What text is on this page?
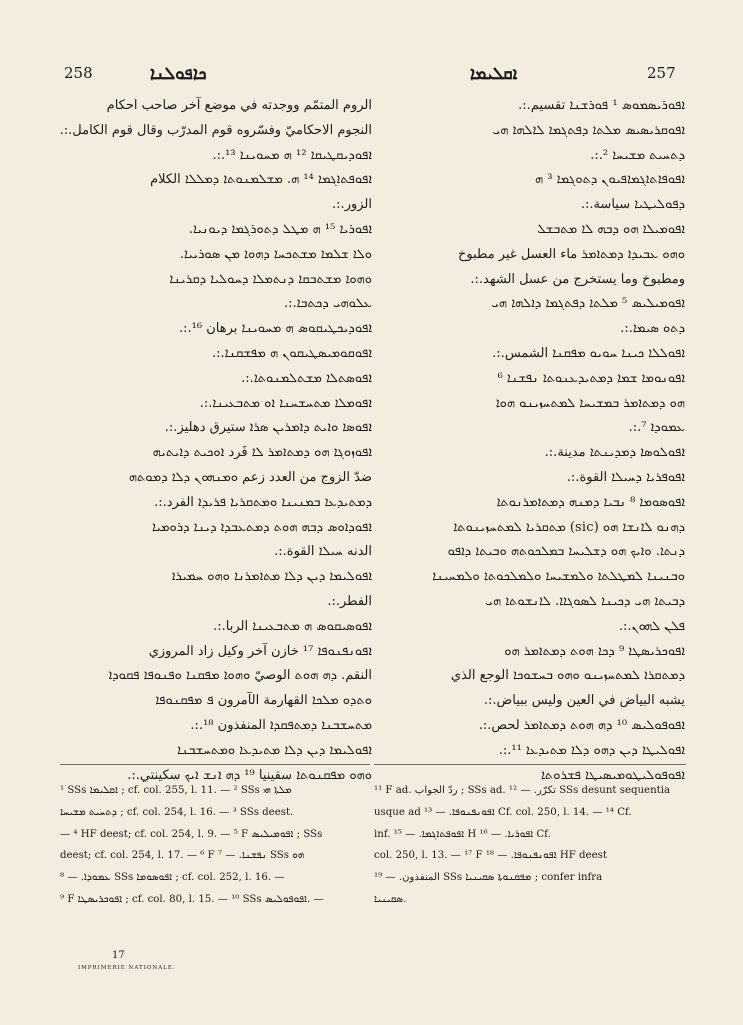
258	ܟܐܦܘܠܢܐ	ܐܩܠܝܡܐ	257
الروم المتمّم ووجدته في موضع آخر صاحب احكام
النجوم الاحكاميّ وفسّروه قوم المدرّب وقال قوم الكامل.:.
ܐܦܘܕܝܩܛܝܩܐ ¹² ܗ ܡܚܘܝܢܐ ¹³.:.
ܐܦܘܦܬܐܓܡܐ ¹⁴ ܗ. ܡܫܠܡܢܘܬܐ ܕܡܠܠܐ الكلام
الزور.:.
ܐܦܘܪܝܐ ¹⁵ ܗ ܡܛܠ ܕܬܘܪܓܡܐ ܕܝܘܢܝܐ.
ܘܠܐ ܫܠܡܐ ܡܫܬܟܚܐ ܕܗܘܐ ܡܢ ܣܘܪܝܝܐ.
ܘܗܘܐ ܡܫܬܒܩܐ ܕܢܬܡܠܐ ܕܚܘܠܝܐ ܕܩܪܝܢܐ
ܥܠܘܗܝ ܕܟܬܒܐ.:.
ܐܦܘܕܝܟܛܝܩܘܣ ܗ ܡܚܘܝܢܐ برهان ¹⁶.:.
ܐܦܘܩܘܡܝܣܛܝܩܘܢ ܗ ܡܦܫܩܢܐ.:.
ܐܦܘܣܬܠܐ ܡܫܬܠܡܢܘܬܐ.:.
ܐܦܘܡܠܐ ܡܬܚܫܚܢܐ ܐܘ ܡܬܒܥܝܢܐ.:.
ܐܦܘܣܐ ܘܐܝܬ ܕܐܡܪܝܢ ܣܪܐ ستيرق دهليز.:.
ܐܦܘܙܘܓܐ ܗܘ ܕܡܬܐܡܪ ܠܐ فَرد ܐܘܟܝܬ ܕܐܝܬܝܗ
ضدّ الزوج من العدد زعم ܘܡܢܗܘܢ ܕܠܐ ܕܡܘܬܗ
ܕܡܬܝܕܥܐ ܒܡܢܝܢܐ ܘܡܬܩܪܝܐ ܦܪܝܕܐ الفرد.:.
ܐܦܘܕܐܘܣ ܕܒܗ ܗܘܬ ܕܡܬܥܒܕܐ ܕܝܢܐ ܕܪܘܡܝܐ
الدنه ܚܝܠܐ القوة.:.
ܐܦܘܠܝܡܐ ܕܝܢ ܕܠܐ ܡܬܐܡܪܢܐ ܘܗܘ ܚܡܝܪܐ
الفطر.:.
ܐܦܘܣܝܩܘܣ ܗ ܡܬܒܥܝܢܐ الربا.:.
ܐܦܘܢܦܢܘܦܐ ¹⁷ خازن آخر وكيل زاد المروزي
النقم. ܕܗ ܗܘܬ الوصيّ ܘܗܘܐ ܡܦܩܢܐ ܘܦܢܘܦܐ ܦܩܘܕܐ
ܘܬܕܘ ܡܠܟܐ القهارمة الآمرون ܦ ܡܦܩܢܘܦܐ
ܡܬܚܫܒܢܐ ܕܡܬܦܩܕܐ المنفذون ¹⁸.:.
ܐܦܘܠܝܡܐ ܕܝܢ ܕܠܐ ܡܬܝܕܥܐ ܘܡܬܚܫܒܢܐ
ܘܗܘ ܡܦܩܢܘܬܐ سقينيا ¹⁹ ܕܗ ܐܢܫ ܐܝܟ سكينتي.:.
ܐܦܘܪܝܣܡܘܣ ¹ ܦܘܪܫܢܐ تقسيم.:.
ܐܦܘܩܪܝܣܝܣ ܡܠܬܐ ܕܦܬܓܡܐ ܠܐܠܗܐ ܗܝ
ܕܬܚܝܬ ܡܫܝܚܐ ².:.
ܐܦܘܦܐܬܐܓܡܐܦܝܘܢ ܕܬܘܓܡܐ ³ ܗ
ܕܦܘܠܝܛܝܐ سياسة.:.
ܐܦܘܡܝܠܐ ܗܘ ܕܒܗ ܠܐ ܡܬܒܫܠ
ܘܗܘ ܥܒܝܕܐ ܕܡܬܐܡܪ ماء العسل غير مطبوخ
ومطبوخ وما يستخرج من عسل الشهد.:.
ܐܦܘܡܝܠܝܣ ⁵ ܡܠܬܐ ܕܦܬܓܡܐ ܕܐܠܗܐ ܗܝ
ܕܬܘ ܣܝܡܐ.:.
ܐܦܘܠܠܐ ܟܝܢܐ ܚܘܝܘ ܡܦܩܢܐ الشمس.:.
ܐܦܘܢܘܡܐ ܫܡܐ ܕܡܬܝܕܥܢܘܬܐ ܢܦܫܢܐ ⁶
ܗܘ ܕܡܬܐܡܪ ܒܡܫܝܚܐ ܠܡܬܚܙܝܢܘ ܗܘܐ
ܥܡܘܕܐ ⁷.:.
ܐܦܘܠܘܣܐ ܕܡܕܝܢܬܐ مدينة.:.
ܐܦܘܦܪܝܐ ܕܚܝܠܐ القوة.:.
ܐܦܘܣܘܡܐ ⁸ ܢܒܝܐ ܕܡܢܗ ܕܡܬܐܡܪܢܘܬܐ
ܕܗܢܘ ܠܐܢܫܐ ܗܘ (sic) ܡܬܩܪܝܐ ܠܡܬܚܙܝܢܘܬܐ
ܕܢܬܐ. ܘܐܝܟ ܗܘ ܕܫܠܝܚܐ ܒܡܠܟܘܬܗ ܘܒܝܬܐ ܕܐܦܘ
ܘܒܢܝܢܐ ܠܡܛܠܬܐ ܘܠܡܫܝܚܐ ܘܠܡܠܟܘܬܐ ܘܠܡܚܝܢܐ
ܕܒܝܬܐ ܗܝ ܕܟܝܢܐ ܠܣܘܓܐܐ. ܠܐܢܫܘܬܐ ܗܝ
ܦܠܢ ܠܗܘܢ.:.
ܐܦܘܟܪܝܣܛܐ ⁹ ܕܟܐ ܗܘܬ ܕܡܬܐܡܪ ܗܘ
ܕܡܬܩܪܐ ܠܡܬܚܙܝܢܘ ܘܗܘ ܒܚܫܘܟܐ الوجع الذي
يشبه البياض في العين وليس ببياض.:.
ܐܦܘܦܘܠܝܣ ¹⁰ ܕܗ ܗܘܬ ܕܡܬܐܡܪ لحص.:.
ܐܦܘܠܝܛܐ ܕܝܢ ܕܗܘ ܕܠܐ ܡܬܝܕܥܐ ¹¹.:.
ܐܦܘܦܘܠܝܛܘܡܝܣܝܛܐ ܦܫܪܘܬܐ
¹ SSs ܐܩܠܝܡܐ ; cf. col. 255, l. 11. — ² SSs ܡܠܬܐ ܗܝ
ܕܬܚܝܬ ܡܫܝܚܐ ; cf. col. 254, l. 16. — ³ SSs deest.
— ⁴ HF deest; cf. col. 254, l. 9. — ⁵ F ܐܦܘܡܝܠܝܣ ; SSs
deest; cf. col. 254, l. 17. — ⁶ F ܢܦܫܢܐ. — ⁷ SSs ܗܘ
ܥܡܘܕܐ. — ⁸ SSs ܐܦܘܣܘܡܐ ; cf. col. 252, l. 16. —
⁹ F ܐܦܘܟܪܝܣܛܐ ; cf. col. 80, l. 15. — ¹⁰ SSs ܐܦܘܦܘܠܝܣ. —
¹¹ F ad. ردّ الجواب ; SSs ad. تكرّر. — ¹² SSs desunt sequentia
usque ad ܐܦܘܢܦܢܘܦܐ. — ¹³ Cf. col. 250, l. 14. — ¹⁴ Cf.
inf. ܐܦܘܦܬܐܓܡܐ. — ¹⁵ H ܐܦܘܪܝܐ. — ¹⁶ Cf.
col. 250, l. 13. — ¹⁷ F ܐܦܘܢܦܢܘܦܐ. — ¹⁸ HF deest
المنفذون. — ¹⁹ SSs ܡܦܩܢܘܬܐ ܣܩܝܢܝܐ ; confer infra
ܣܩܝܢܝܐ.
17
IMPRIMERIE NATIONALE.
